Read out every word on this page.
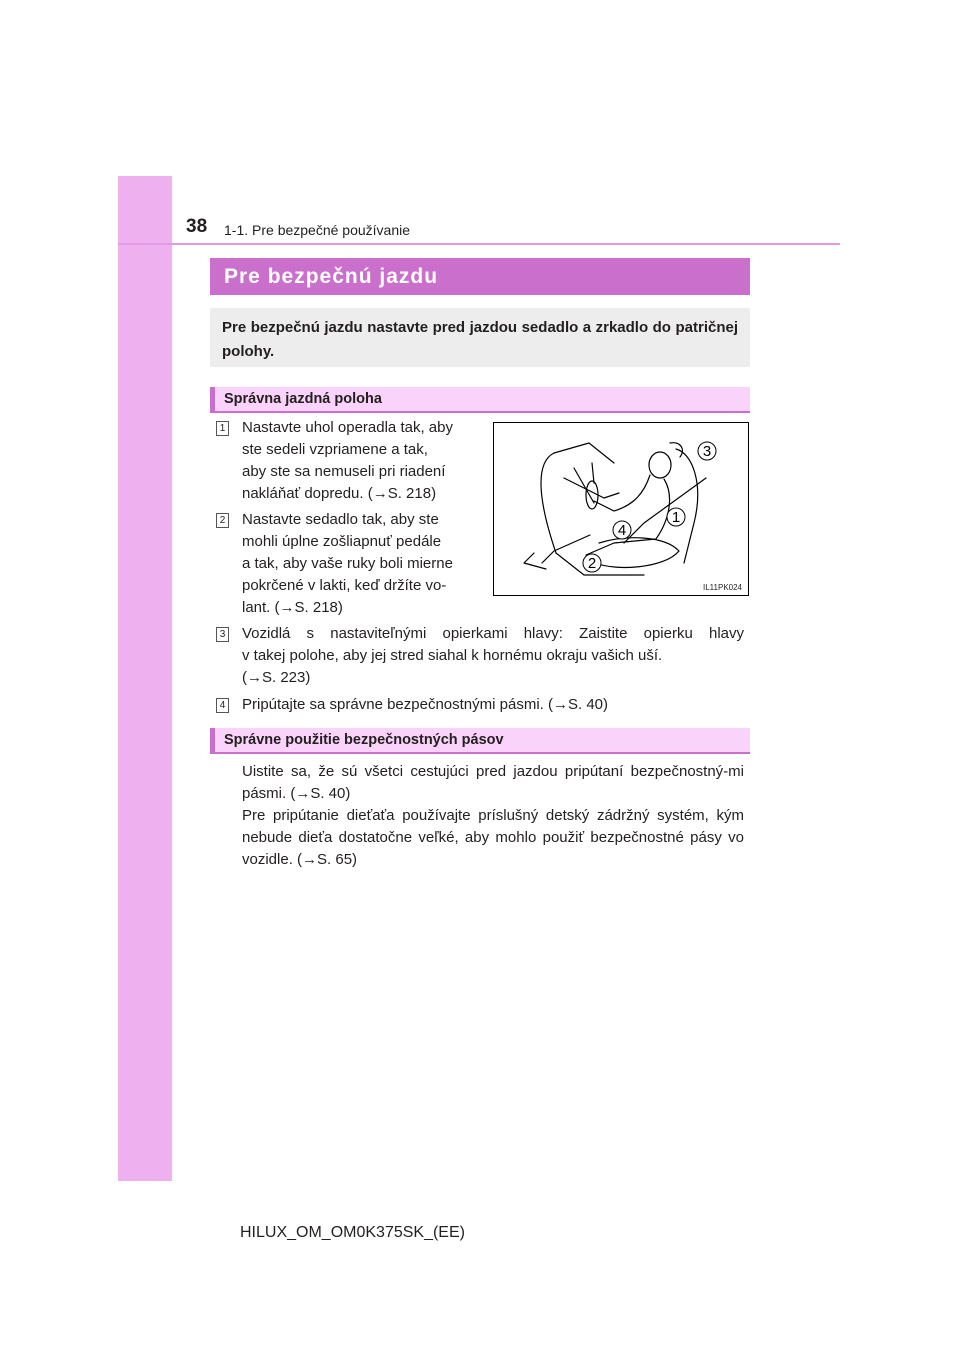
38 1-1. Pre bezpečné používanie
Pre bezpečnú jazdu
Pre bezpečnú jazdu nastavte pred jazdou sedadlo a zrkadlo do patričnej polohy.
Správna jazdná poloha
1 Nastavte uhol operadla tak, aby
ste sedeli vzpriamene a tak,
aby ste sa nemuseli pri riadení
nakláňať dopredu. (→S. 218)
2 Nastavte sedadlo tak, aby ste
mohli úplne zošliapnuť pedále
a tak, aby vaše ruky boli mierne
pokrčené v lakti, keď držíte vo-
lant. (→S. 218)
3
1
4
2
IL11PK024
3 Vozidlá s nastaviteľnými opierkami hlavy: Zaistite opierku hlavy
v takej polohe, aby jej stred siahal k hornému okraju vašich uší.
(→S. 223)
4 Pripútajte sa správne bezpečnostnými pásmi. (→S. 40)
Správne použitie bezpečnostných pásov

Uistite sa, že sú všetci cestujúci pred jazdou pripútaní bezpečnostný-mi pásmi. (→S. 40)

Pre pripútanie dieťaťa používajte príslušný detský zádržný systém, kým nebude dieťa dostatočne veľké, aby mohlo použiť bezpečnostné pásy vo vozidle. (→S. 65)

HILUX_OM_OM0K375SK_(EE)
